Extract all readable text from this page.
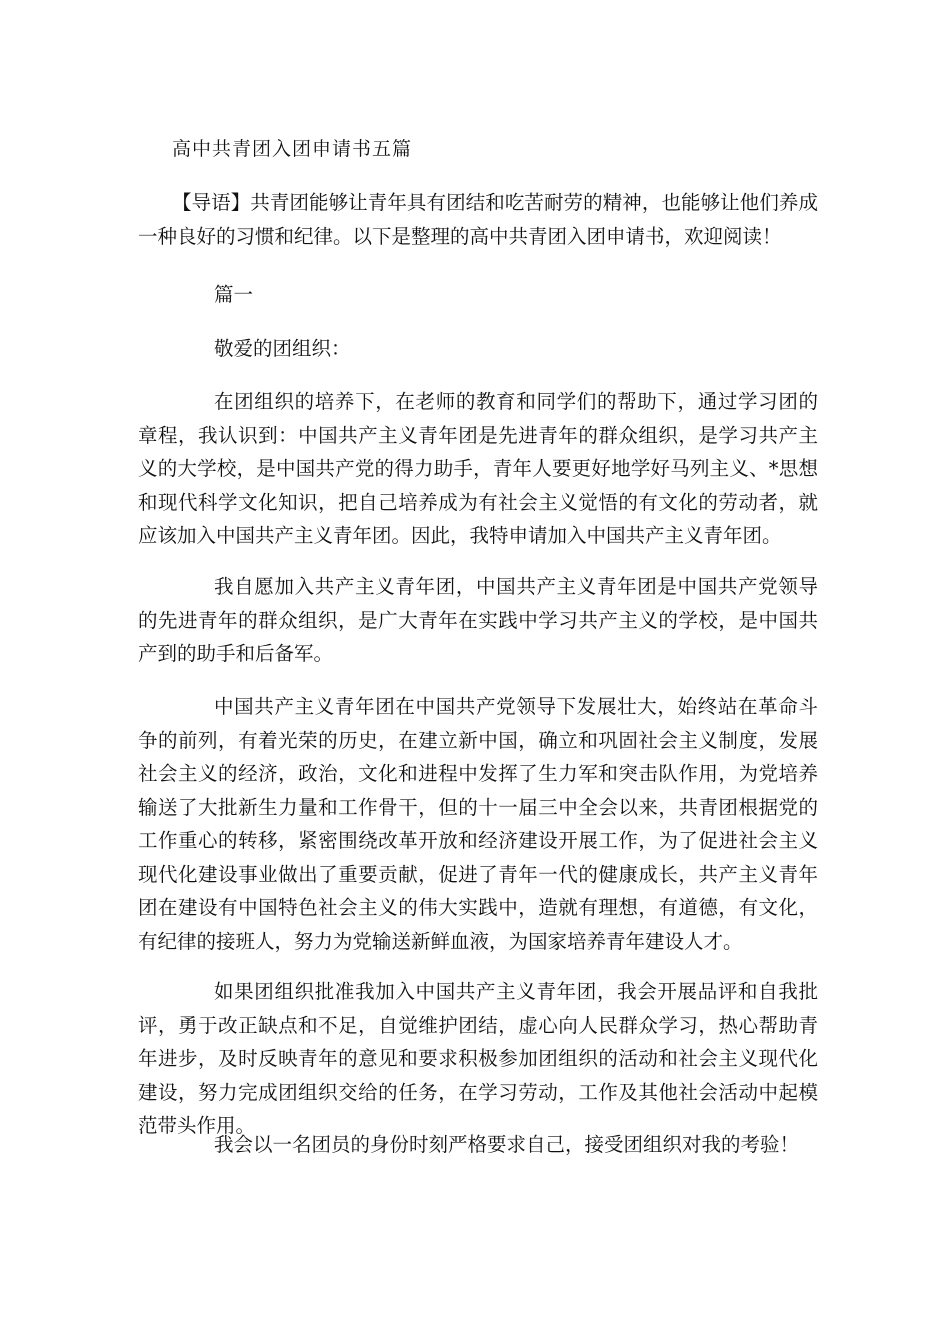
高中共青团入团申请书五篇

【导语】共青团能够让青年具有团结和吃苦耐劳的精神，也能够让他们养成一种良好的习惯和纪律。以下是整理的高中共青团入团申请书，欢迎阅读！

篇一
敬爱的团组织：

在团组织的培养下，在老师的教育和同学们的帮助下，通过学习团的章程，我认识到：中国共产主义青年团是先进青年的群众组织，是学习共产主义的大学校，是中国共产党的得力助手，青年人要更好地学好马列主义、*思想和现代科学文化知识，把自己培养成为有社会主义觉悟的有文化的劳动者，就应该加入中国共产主义青年团。因此，我特申请加入中国共产主义青年团。

我自愿加入共产主义青年团，中国共产主义青年团是中国共产党领导的先进青年的群众组织，是广大青年在实践中学习共产主义的学校，是中国共产到的助手和后备军。

中国共产主义青年团在中国共产党领导下发展壮大，始终站在革命斗争的前列，有着光荣的历史，在建立新中国，确立和巩固社会主义制度，发展社会主义的经济，政治，文化和进程中发挥了生力军和突击队作用，为党培养输送了大批新生力量和工作骨干，但的十一届三中全会以来，共青团根据党的工作重心的转移，紧密围绕改革开放和经济建设开展工作，为了促进社会主义现代化建设事业做出了重要贡献，促进了青年一代的健康成长，共产主义青年团在建设有中国特色社会主义的伟大实践中，造就有理想，有道德，有文化，有纪律的接班人，努力为党输送新鲜血液，为国家培养青年建设人才。

如果团组织批准我加入中国共产主义青年团，我会开展品评和自我批评，勇于改正缺点和不足，自觉维护团结，虚心向人民群众学习，热心帮助青年进步，及时反映青年的意见和要求积极参加团组织的活动和社会主义现代化建设，努力完成团组织交给的任务，在学习劳动，工作及其他社会活动中起模范带头作用。

我会以一名团员的身份时刻严格要求自己，接受团组织对我的考验！
